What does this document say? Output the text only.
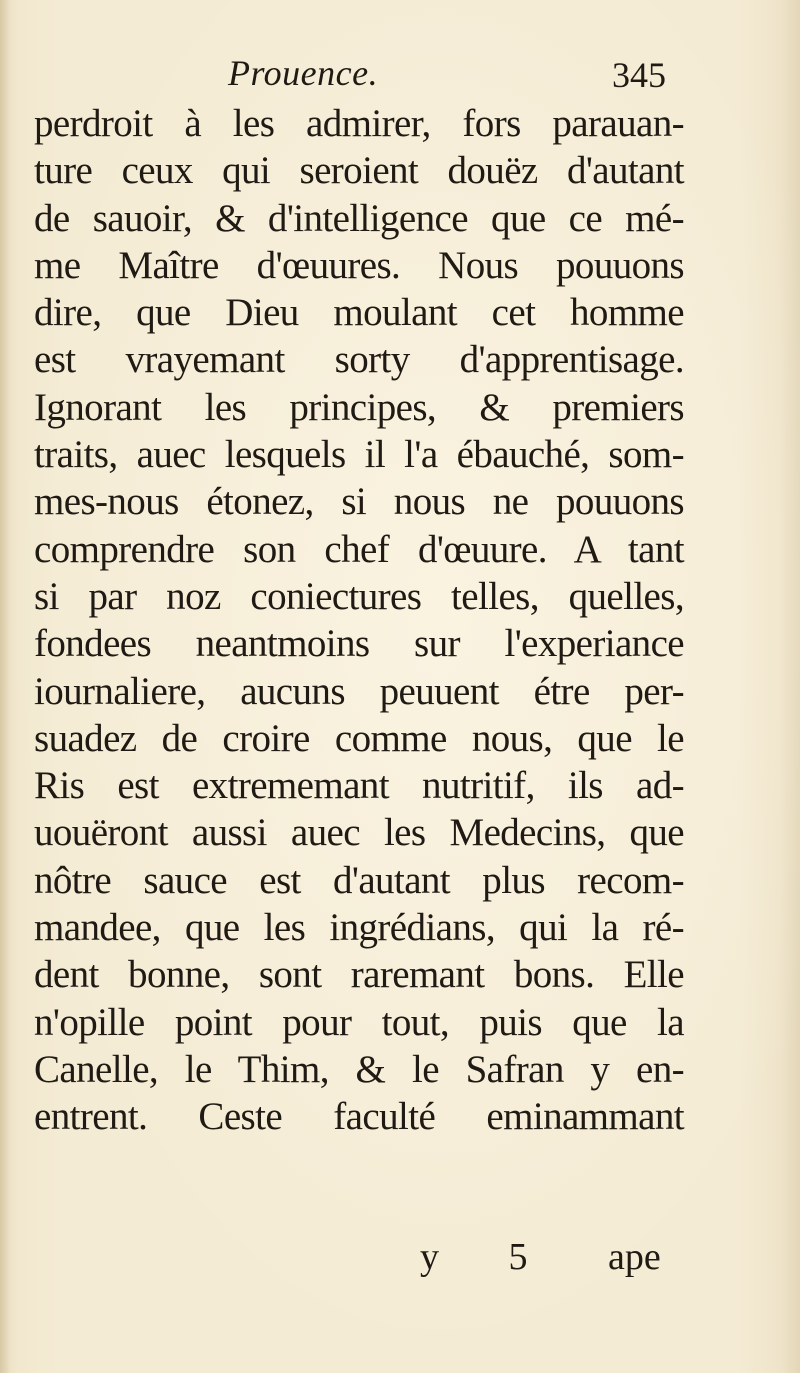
Prouence.	345
perdroit à les admirer, fors parauan-
ture ceux qui seroient douëz d'autant
de sauoir, & d'intelligence que ce mé-
me Maître d'œuures. Nous pouuons
dire, que Dieu moulant cet homme
est vrayemant sorty d'apprentisage.
Ignorant les principes, & premiers
traits, auec lesquels il l'a ébauché, som-
mes-nous étonez, si nous ne pouuons
comprendre son chef d'œuure. A tant
si par noz coniectures telles, quelles,
fondees neantmoins sur l'experiance
iournaliere, aucuns peuuent étre per-
suadez de croire comme nous, que le
Ris est extrememant nutritif, ils ad-
uouëront aussi auec les Medecins, que
nôtre sauce est d'autant plus recom-
mandee, que les ingrédians, qui la ré-
dent bonne, sont raremant bons. Elle
n'opille point pour tout, puis que la
Canelle, le Thim, & le Safran y en-
entrent. Ceste faculté eminammant
y 5 ape
